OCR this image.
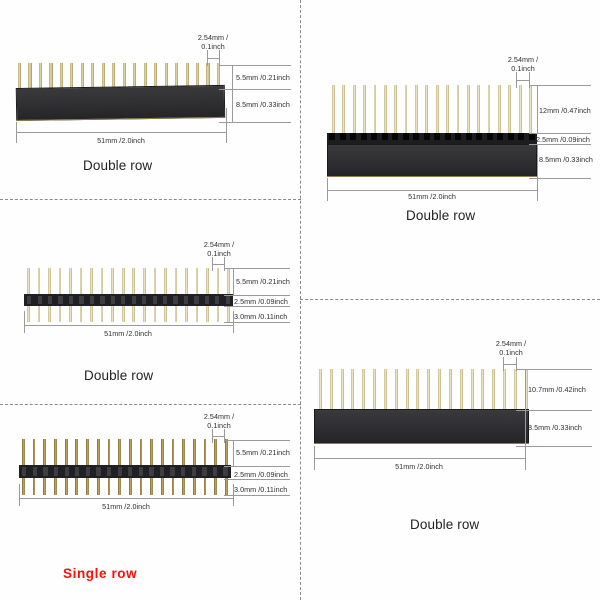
2.54mm /
0.1inch
5.5mm /0.21inch
8.5mm /0.33inch
51mm /2.0inch
Double row
2.54mm /
0.1inch
12mm /0.47inch
2.5mm /0.09inch
8.5mm /0.33inch
51mm /2.0inch
Double row
2.54mm /
0.1inch
5.5mm /0.21inch
2.5mm /0.09inch
3.0mm /0.11inch
51mm /2.0inch
Double row
2.54mm /
0.1inch
5.5mm /0.21inch
2.5mm /0.09inch
3.0mm /0.11inch
51mm /2.0inch
Single row
2.54mm /
0.1inch
10.7mm /0.42inch
8.5mm /0.33inch
51mm /2.0inch
Double row
